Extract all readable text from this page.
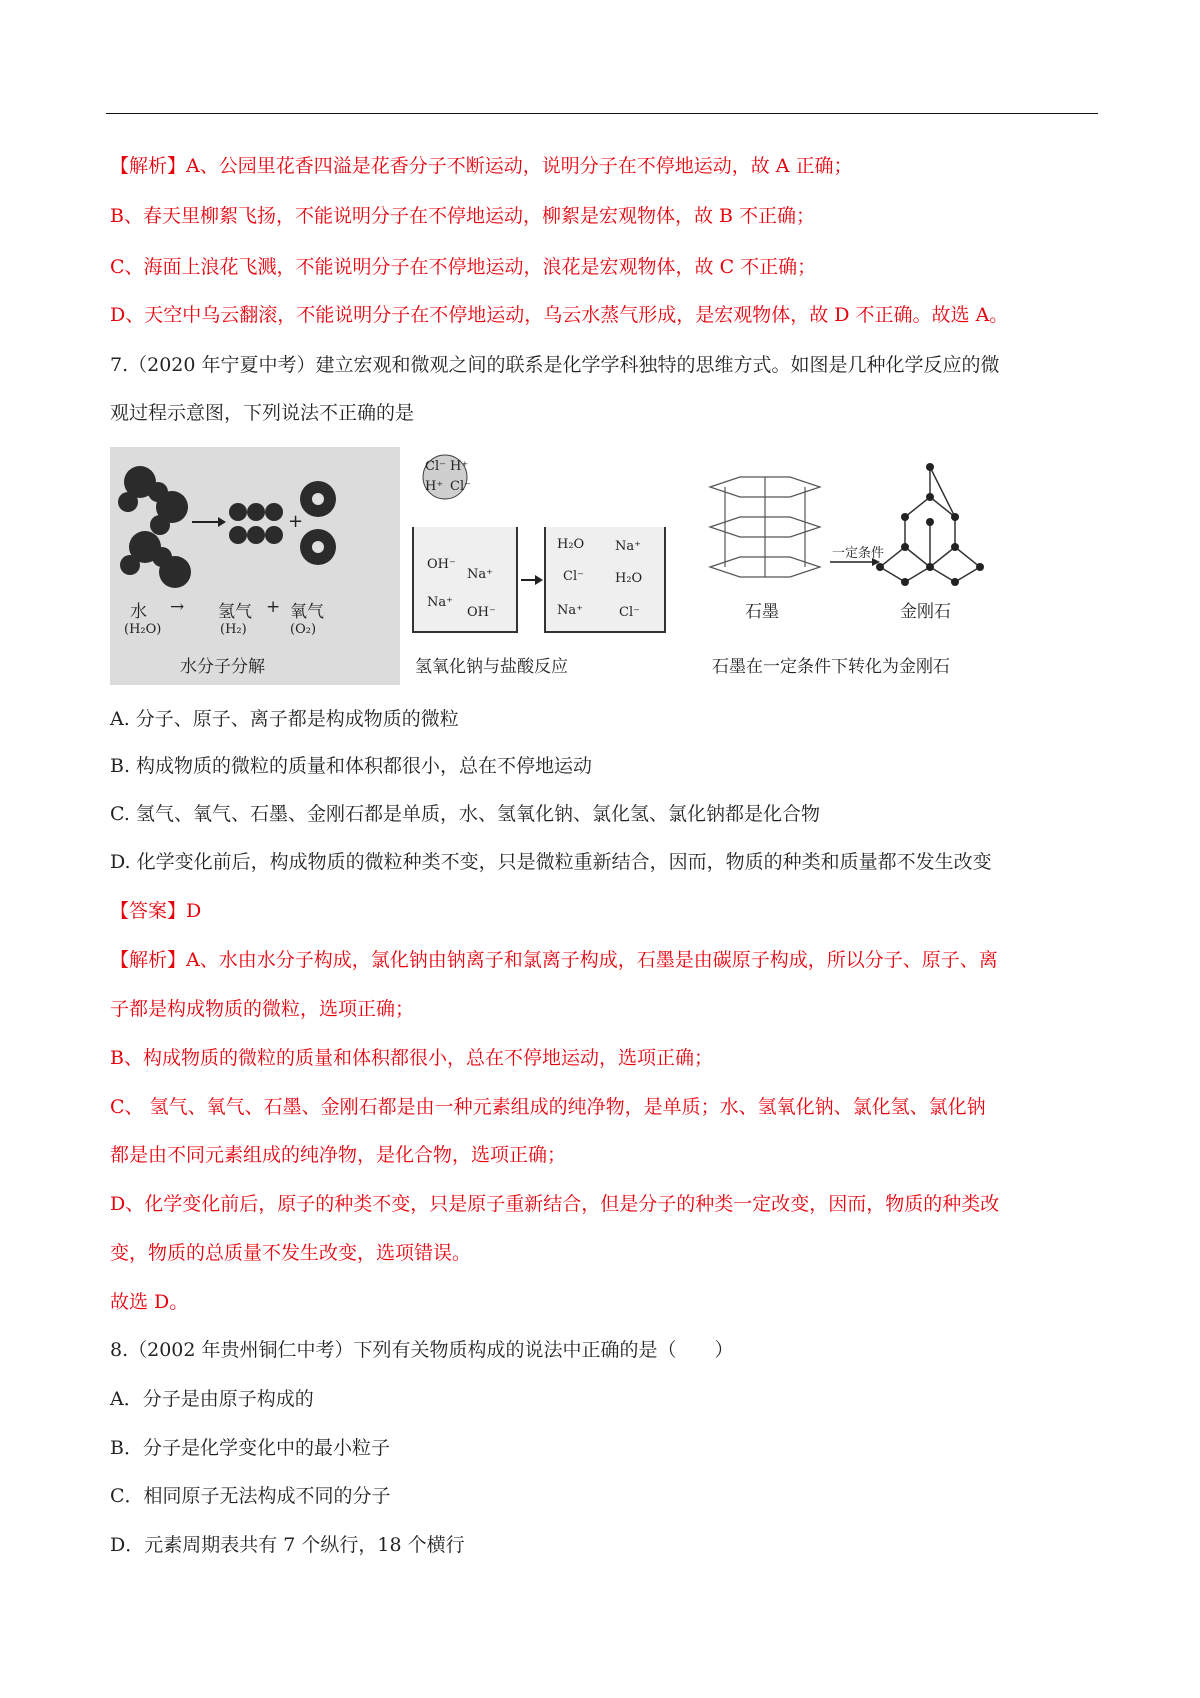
【解析】A、公园里花香四溢是花香分子不断运动，说明分子在不停地运动，故 A 正确；
B、春天里柳絮飞扬，不能说明分子在不停地运动，柳絮是宏观物体，故 B 不正确；
C、海面上浪花飞溅，不能说明分子在不停地运动，浪花是宏观物体，故 C 不正确；
D、天空中乌云翻滚，不能说明分子在不停地运动，乌云水蒸气形成，是宏观物体，故 D 不正确。故选 A。
7.（2020 年宁夏中考）建立宏观和微观之间的联系是化学学科独特的思维方式。如图是几种化学反应的微
观过程示意图，下列说法不正确的是
+
水 → 氢气 + 氧气
(H₂O)	(H₂)	(O₂)
水分子分解
Cl⁻ H⁺
H⁺ Cl⁻
OH⁻
Na⁺
Na⁺
OH⁻
H₂O Na⁺
Cl⁻ H₂O
Na⁺	Cl⁻
氢氧化钠与盐酸反应
一定条件
石墨	金刚石
石墨在一定条件下转化为金刚石
A. 分子、原子、离子都是构成物质的微粒
B. 构成物质的微粒的质量和体积都很小，总在不停地运动
C. 氢气、氧气、石墨、金刚石都是单质，水、氢氧化钠、氯化氢、氯化钠都是化合物
D. 化学变化前后，构成物质的微粒种类不变，只是微粒重新结合，因而，物质的种类和质量都不发生改变
【答案】D
【解析】A、水由水分子构成，氯化钠由钠离子和氯离子构成，石墨是由碳原子构成，所以分子、原子、离
子都是构成物质的微粒，选项正确；
B、构成物质的微粒的质量和体积都很小，总在不停地运动，选项正确；
C、 氢气、氧气、石墨、金刚石都是由一种元素组成的纯净物，是单质；水、氢氧化钠、氯化氢、氯化钠
都是由不同元素组成的纯净物，是化合物，选项正确；
D、化学变化前后，原子的种类不变，只是原子重新结合，但是分子的种类一定改变，因而，物质的种类改
变，物质的总质量不发生改变，选项错误。
故选 D。
8.（2002 年贵州铜仁中考）下列有关物质构成的说法中正确的是（　　）
A．分子是由原子构成的
B．分子是化学变化中的最小粒子
C．相同原子无法构成不同的分子
D．元素周期表共有 7 个纵行，18 个横行
